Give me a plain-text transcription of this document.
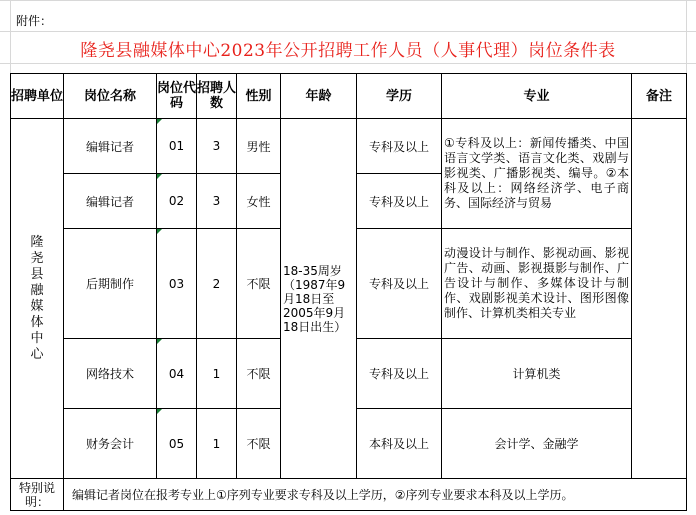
附件：
隆尧县融媒体中心2023年公开招聘工作人员（人事代理）岗位条件表
招聘单位	岗位名称	岗位代码	招聘人数	性别	年龄	学历	专业	备注

隆尧县融媒体中心	编辑记者	01	3	男性	18-35周岁（1987年9月18日至2005年9月18日出生）	专科及以上	①专科及以上：新闻传播类、中国语言文学类、语言文化类、戏剧与影视类、广播影视类、编导。②本科及以上：网络经济学、电子商务、国际经济与贸易	
	编辑记者	02	3	女性		专科及以上		
	后期制作	03	2	不限		专科及以上	动漫设计与制作、影视动画、影视广告、动画、影视摄影与制作、广告设计与制作、多媒体设计与制作、戏剧影视美术设计、图形图像制作、计算机类相关专业	
	网络技术	04	1	不限		专科及以上	计算机类	
	财务会计	05	1	不限		本科及以上	会计学、金融学	
特别说明：	编辑记者岗位在报考专业上①序列专业要求专科及以上学历，②序列专业要求本科及以上学历。							
